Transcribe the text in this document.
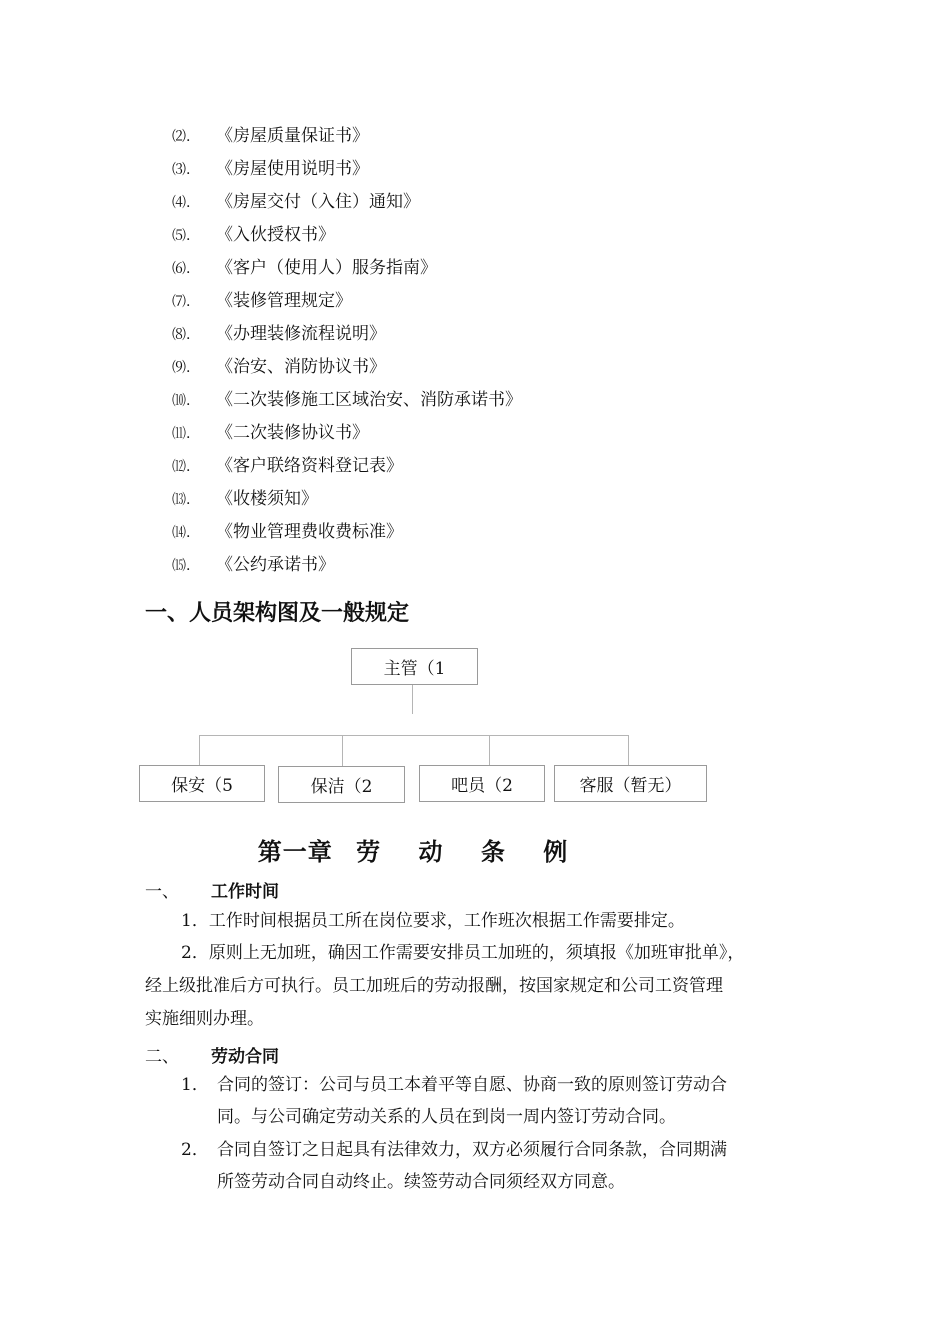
⑵. 《房屋质量保证书》
⑶. 《房屋使用说明书》
⑷. 《房屋交付（入住）通知》
⑸. 《入伙授权书》
⑹. 《客户（使用人）服务指南》
⑺. 《装修管理规定》
⑻. 《办理装修流程说明》
⑼. 《治安、消防协议书》
⑽. 《二次装修施工区域治安、消防承诺书》
⑾. 《二次装修协议书》
⑿. 《客户联络资料登记表》
⒀. 《收楼须知》
⒁. 《物业管理费收费标准》
⒂. 《公约承诺书》
一、人员架构图及一般规定
主管（1
保安（5	保洁（2	吧员（2	客服（暂无）
第一章 劳 动 条 例
一、 工作时间
1．工作时间根据员工所在岗位要求，工作班次根据工作需要排定。
2．原则上无加班，确因工作需要安排员工加班的，须填报《加班审批单》，
经上级批准后方可执行。员工加班后的劳动报酬，按国家规定和公司工资管理
实施细则办理。
二、 劳动合同
1． 合同的签订：公司与员工本着平等自愿、协商一致的原则签订劳动合
同。与公司确定劳动关系的人员在到岗一周内签订劳动合同。
2． 合同自签订之日起具有法律效力，双方必须履行合同条款，合同期满
所签劳动合同自动终止。续签劳动合同须经双方同意。
